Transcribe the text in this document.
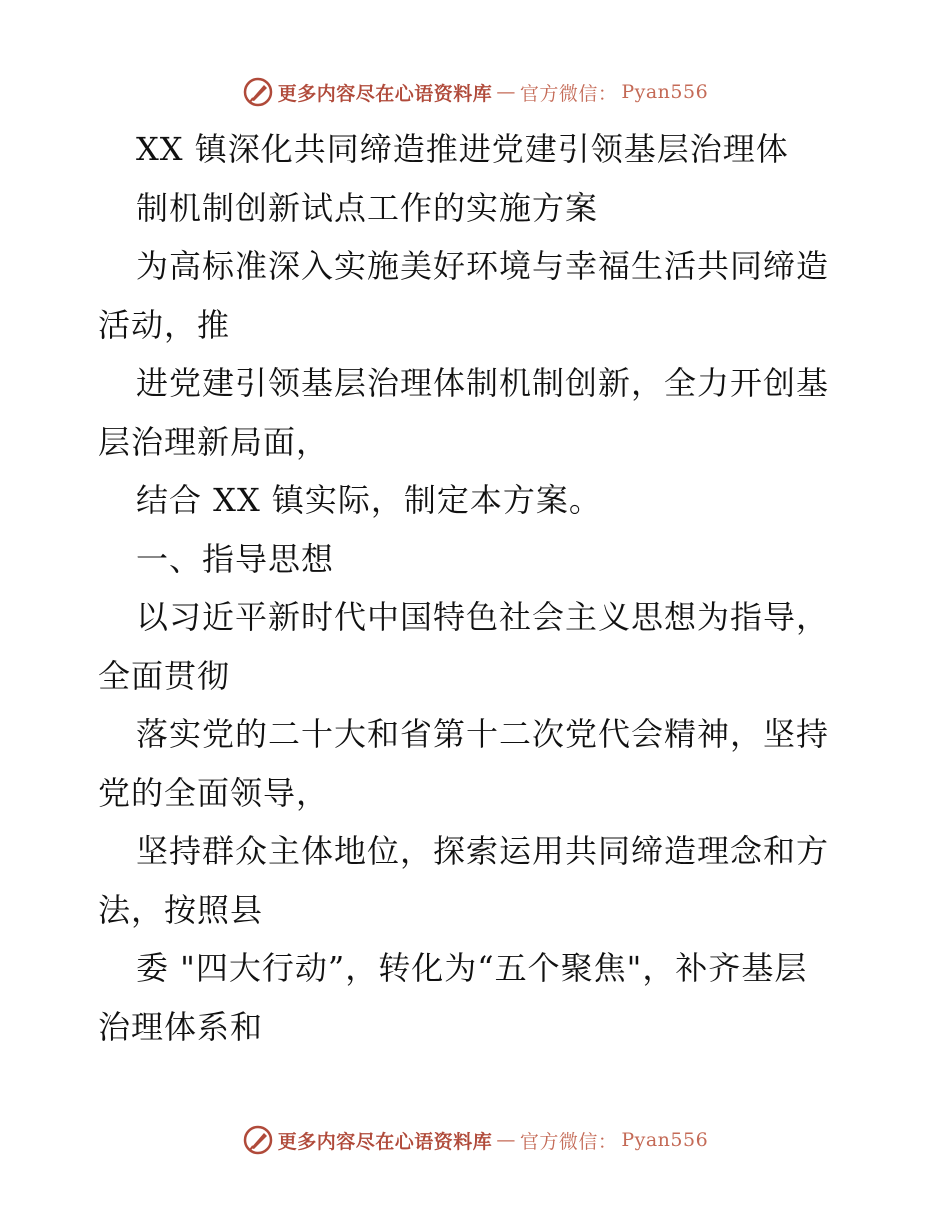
更多内容尽在心语资料库 — 官方微信： Pyan556
XX 镇深化共同缔造推进党建引领基层治理体
制机制创新试点工作的实施方案
为高标准深入实施美好环境与幸福生活共同缔造
活动，推
进党建引领基层治理体制机制创新，全力开创基
层治理新局面，
结合 XX 镇实际，制定本方案。
一、指导思想
以习近平新时代中国特色社会主义思想为指导，
全面贯彻
落实党的二十大和省第十二次党代会精神，坚持
党的全面领导，
坚持群众主体地位，探索运用共同缔造理念和方
法，按照县
委 "四大行动”，转化为“五个聚焦"，补齐基层
治理体系和
更多内容尽在心语资料库 — 官方微信： Pyan556
